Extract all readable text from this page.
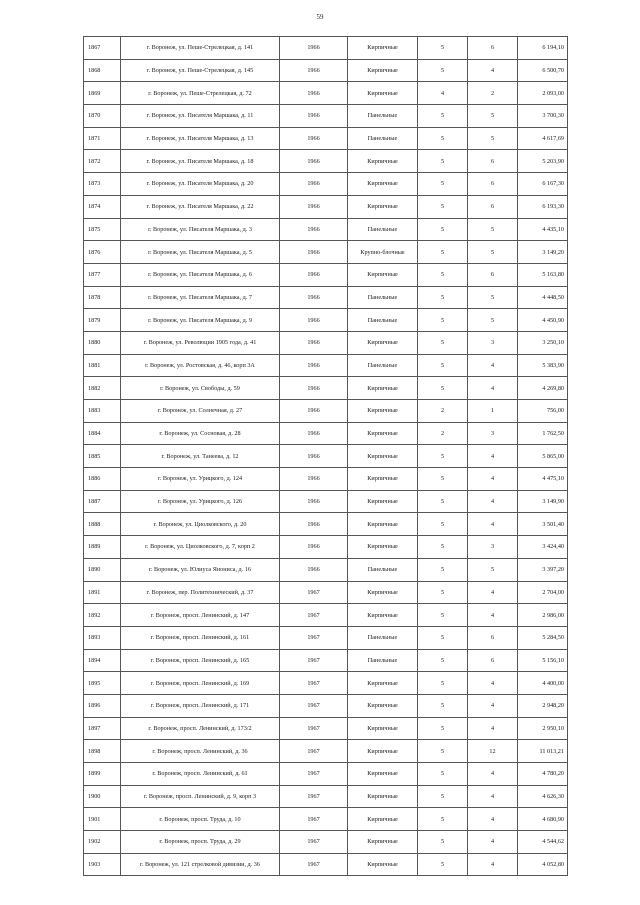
59
1867	г. Воронеж, ул. Пеше-Стрелецкая, д. 141	1966	Кирпичные	5	6	6 194,10
1868	г. Воронеж, ул. Пеше-Стрелецкая, д. 145	1966	Кирпичные	5	4	6 500,70
1869	г. Воронеж, ул. Пеше-Стрелецкая, д. 72	1966	Кирпичные	4	2	2 093,00
1870	г. Воронеж, ул. Писателя Маршака, д. 11	1966	Панельные	5	5	3 700,30
1871	г. Воронеж, ул. Писателя Маршака, д. 13	1966	Панельные	5	5	4 617,69
1872	г. Воронеж, ул. Писателя Маршака, д. 18	1966	Кирпичные	5	6	5 203,90
1873	г. Воронеж, ул. Писателя Маршака, д. 20	1966	Кирпичные	5	6	6 167,30
1874	г. Воронеж, ул. Писателя Маршака, д. 22	1966	Кирпичные	5	6	6 193,30
1875	г. Воронеж, ул. Писателя Маршака, д. 3	1966	Панельные	5	5	4 435,10
1876	г. Воронеж, ул. Писателя Маршака, д. 5	1966	Крупно-блочные	5	5	3 149,20
1877	г. Воронеж, ул. Писателя Маршака, д. 6	1966	Кирпичные	5	6	5 163,80
1878	г. Воронеж, ул. Писателя Маршака, д. 7	1966	Панельные	5	5	4 448,50
1879	г. Воронеж, ул. Писателя Маршака, д. 9	1966	Панельные	5	5	4 450,90
1880	г. Воронеж, ул. Революции 1905 года, д. 41	1966	Кирпичные	5	3	3 250,10
1881	г. Воронеж, ул. Ростовская, д. 46, корп 3А	1966	Панельные	5	4	5 383,90
1882	г. Воронеж, ул. Свободы, д. 59	1966	Кирпичные	5	4	4 269,80
1883	г. Воронеж, ул. Солнечная, д. 27	1966	Кирпичные	2	1	756,00
1884	г. Воронеж, ул. Сосновая, д. 28	1966	Кирпичные	2	3	1 762,50
1885	г. Воронеж, ул. Танеева, д. 12	1966	Кирпичные	5	4	5 865,00
1886	г. Воронеж, ул. Урицкого, д. 124	1966	Кирпичные	5	4	4 475,10
1887	г. Воронеж, ул. Урицкого, д. 126	1966	Кирпичные	5	4	3 149,90
1888	г. Воронеж, ул. Циолковского, д. 20	1966	Кирпичные	5	4	3 501,40
1889	г. Воронеж, ул. Циолковского, д. 7, корп 2	1966	Кирпичные	5	3	3 424,40
1890	г. Воронеж, ул. Юлиуса Янониса, д. 16	1966	Панельные	5	5	3 397,20
1891	г. Воронеж, пер. Политехнический, д. 37	1967	Кирпичные	5	4	2 704,00
1892	г. Воронеж, просп. Ленинский, д. 147	1967	Кирпичные	5	4	2 986,00
1893	г. Воронеж, просп. Ленинский, д. 161	1967	Панельные	5	6	5 284,50
1894	г. Воронеж, просп. Ленинский, д. 165	1967	Панельные	5	6	5 156,10
1895	г. Воронеж, просп. Ленинский, д. 169	1967	Кирпичные	5	4	4 400,00
1896	г. Воронеж, просп. Ленинский, д. 171	1967	Кирпичные	5	4	2 948,20
1897	г. Воронеж, просп. Ленинский, д. 173/2	1967	Кирпичные	5	4	2 950,10
1898	г. Воронеж, просп. Ленинский, д. 36	1967	Кирпичные	5	12	11 013,21
1899	г. Воронеж, просп. Ленинский, д. 61	1967	Кирпичные	5	4	4 780,20
1900	г. Воронеж, просп. Ленинский, д. 9, корп 3	1967	Кирпичные	5	4	4 626,30
1901	г. Воронеж, просп. Труда, д. 10	1967	Кирпичные	5	4	4 680,90
1902	г. Воронеж, просп. Труда, д. 29	1967	Кирпичные	5	4	4 544,62
1903	г. Воронеж, ул. 121 стрелковой дивизии, д. 36	1967	Кирпичные	5	4	4 052,80
